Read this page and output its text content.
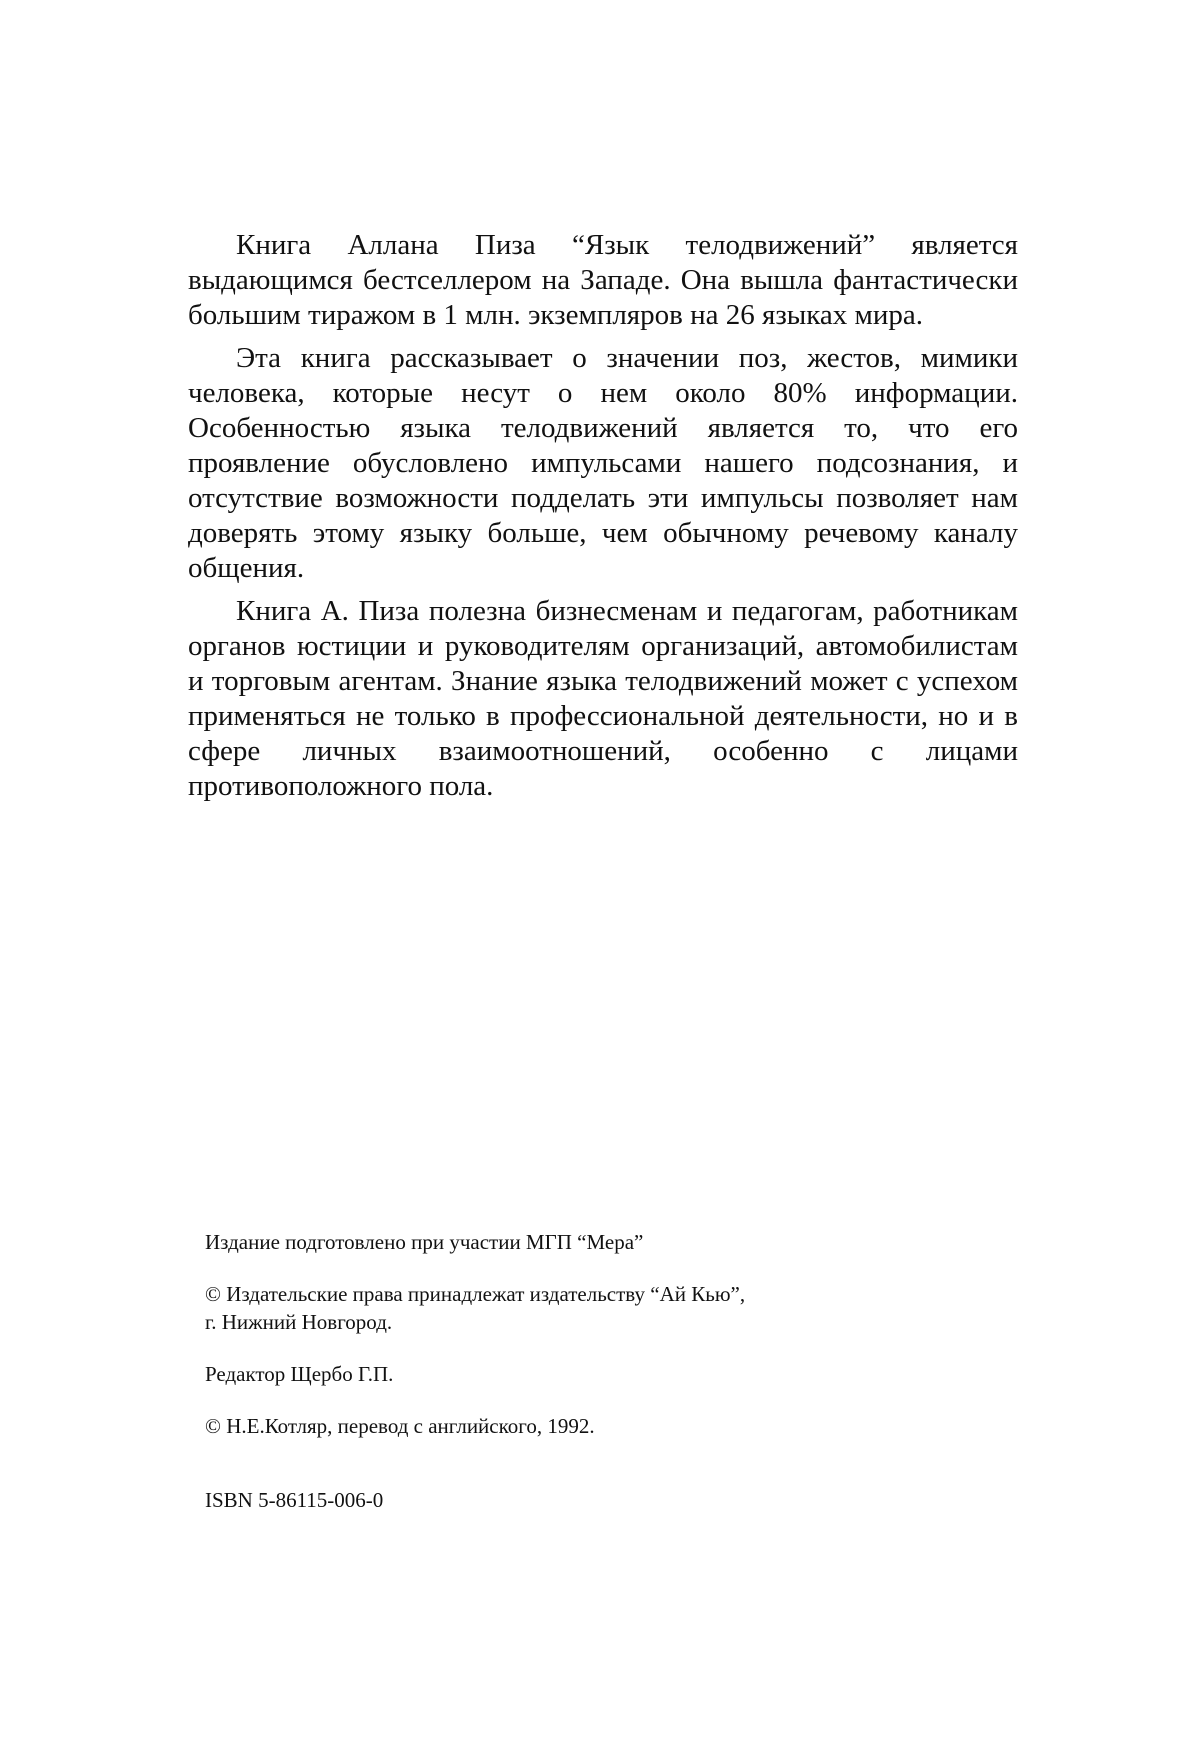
Книга Аллана Пиза “Язык телодвижений” является выдающимся бестселлером на Западе. Она вышла фантастически большим тиражом в 1 млн. экземпляров на 26 языках мира.

Эта книга рассказывает о значении поз, жестов, мимики человека, которые несут о нем около 80% информации. Особенностью языка телодвижений является то, что его проявление обусловлено импульсами нашего подсознания, и отсутствие возможности подделать эти импульсы позволяет нам доверять этому языку больше, чем обычному речевому каналу общения.

Книга А. Пиза полезна бизнесменам и педагогам, работникам органов юстиции и руководителям организаций, автомобилистам и торговым агентам. Знание языка телодвижений может с успехом применяться не только в профессиональной деятельности, но и в сфере личных взаимоотношений, особенно с лицами противоположного пола.

Издание подготовлено при участии МГП “Мера”

© Издательские права принадлежат издательству “Ай Кью”,
г. Нижний Новгород.

Редактор Щербо Г.П.

© Н.Е.Котляр, перевод с английского, 1992.

ISBN 5-86115-006-0
